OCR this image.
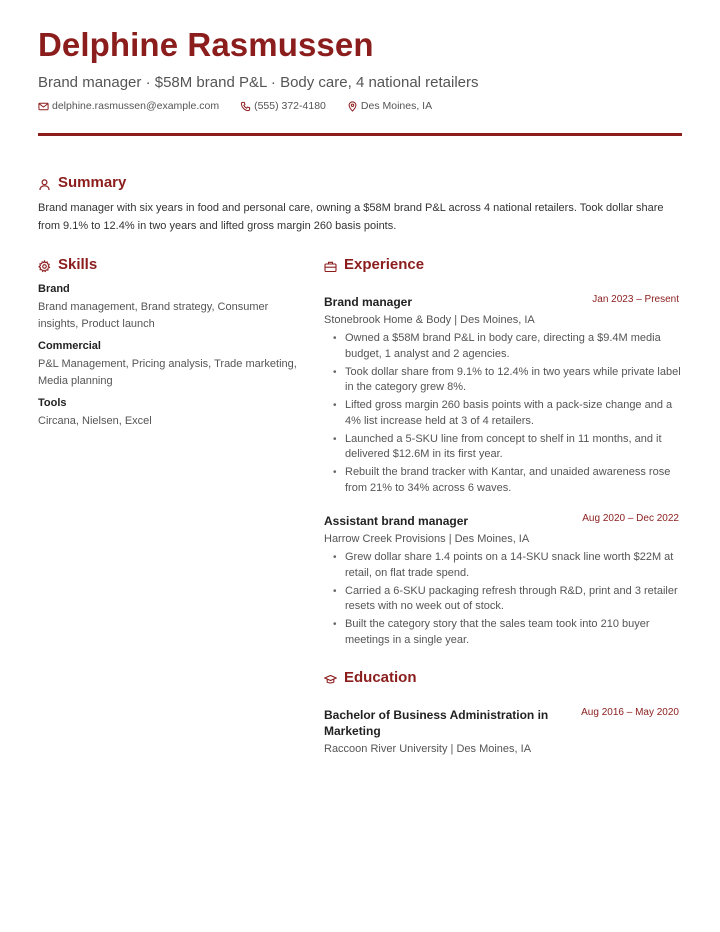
Delphine Rasmussen
Brand manager · $58M brand P&L · Body care, 4 national retailers
delphine.rasmussen@example.com	(555) 372-4180	Des Moines, IA
Summary

Brand manager with six years in food and personal care, owning a $58M brand P&L across 4 national retailers. Took dollar share from 9.1% to 12.4% in two years and lifted gross margin 260 basis points.

Skills
Brand
Brand management, Brand strategy, Consumer insights, Product launch
Commercial
P&L Management, Pricing analysis, Trade marketing, Media planning
Tools
Circana, Nielsen, Excel
Experience
Brand manager	Jan 2023 – Present
Stonebrook Home & Body | Des Moines, IA
• Owned a $58M brand P&L in body care, directing a $9.4M media budget, 1 analyst and 2 agencies.
• Took dollar share from 9.1% to 12.4% in two years while private label in the category grew 8%.
• Lifted gross margin 260 basis points with a pack-size change and a 4% list increase held at 3 of 4 retailers.
• Launched a 5-SKU line from concept to shelf in 11 months, and it delivered $12.6M in its first year.
• Rebuilt the brand tracker with Kantar, and unaided awareness rose from 21% to 34% across 6 waves.
Assistant brand manager	Aug 2020 – Dec 2022
Harrow Creek Provisions | Des Moines, IA
• Grew dollar share 1.4 points on a 14-SKU snack line worth $22M at retail, on flat trade spend.
• Carried a 6-SKU packaging refresh through R&D, print and 3 retailer resets with no week out of stock.
• Built the category story that the sales team took into 210 buyer meetings in a single year.
Education
Bachelor of Business Administration in Marketing
Aug 2016 – May 2020
Raccoon River University | Des Moines, IA
